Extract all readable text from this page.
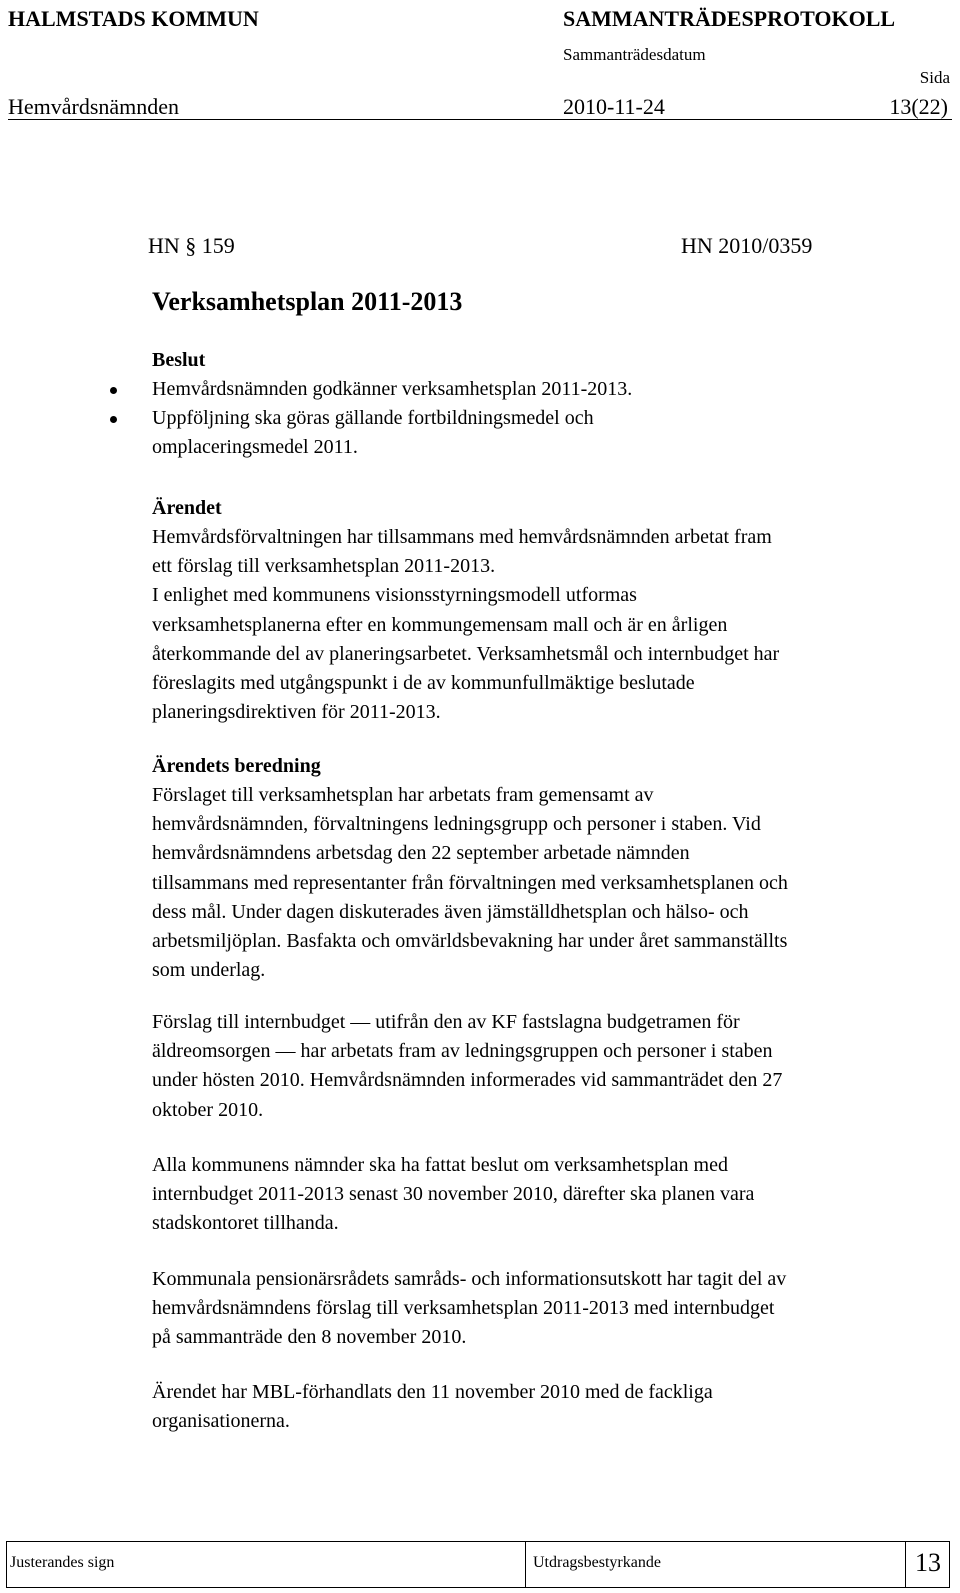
HALMSTADS KOMMUN	SAMMANTRÄDESPROTOKOLL
Sammanträdesdatum
Sida
Hemvårdsnämnden	2010-11-24	13(22)
HN § 159	HN 2010/0359
Verksamhetsplan 2011-2013
Beslut
Hemvårdsnämnden godkänner verksamhetsplan 2011-2013.
Uppföljning ska göras gällande fortbildningsmedel och
omplaceringsmedel 2011.
Ärendet
Hemvårdsförvaltningen har tillsammans med hemvårdsnämnden arbetat fram
ett förslag till verksamhetsplan 2011-2013.
I enlighet med kommunens visionsstyrningsmodell utformas
verksamhetsplanerna efter en kommungemensam mall och är en årligen
återkommande del av planeringsarbetet. Verksamhetsmål och internbudget har
föreslagits med utgångspunkt i de av kommunfullmäktige beslutade
planeringsdirektiven för 2011-2013.
Ärendets beredning
Förslaget till verksamhetsplan har arbetats fram gemensamt av
hemvårdsnämnden, förvaltningens ledningsgrupp och personer i staben. Vid
hemvårdsnämndens arbetsdag den 22 september arbetade nämnden
tillsammans med representanter från förvaltningen med verksamhetsplanen och
dess mål. Under dagen diskuterades även jämställdhetsplan och hälso- och
arbetsmiljöplan. Basfakta och omvärldsbevakning har under året sammanställts
som underlag.
Förslag till internbudget — utifrån den av KF fastslagna budgetramen för
äldreomsorgen — har arbetats fram av ledningsgruppen och personer i staben
under hösten 2010. Hemvårdsnämnden informerades vid sammanträdet den 27
oktober 2010.
Alla kommunens nämnder ska ha fattat beslut om verksamhetsplan med
internbudget 2011-2013 senast 30 november 2010, därefter ska planen vara
stadskontoret tillhanda.
Kommunala pensionärsrådets samråds- och informationsutskott har tagit del av
hemvårdsnämndens förslag till verksamhetsplan 2011-2013 med internbudget
på sammanträde den 8 november 2010.
Ärendet har MBL-förhandlats den 11 november 2010 med de fackliga
organisationerna.
Justerandes sign	Utdragsbestyrkande	13
